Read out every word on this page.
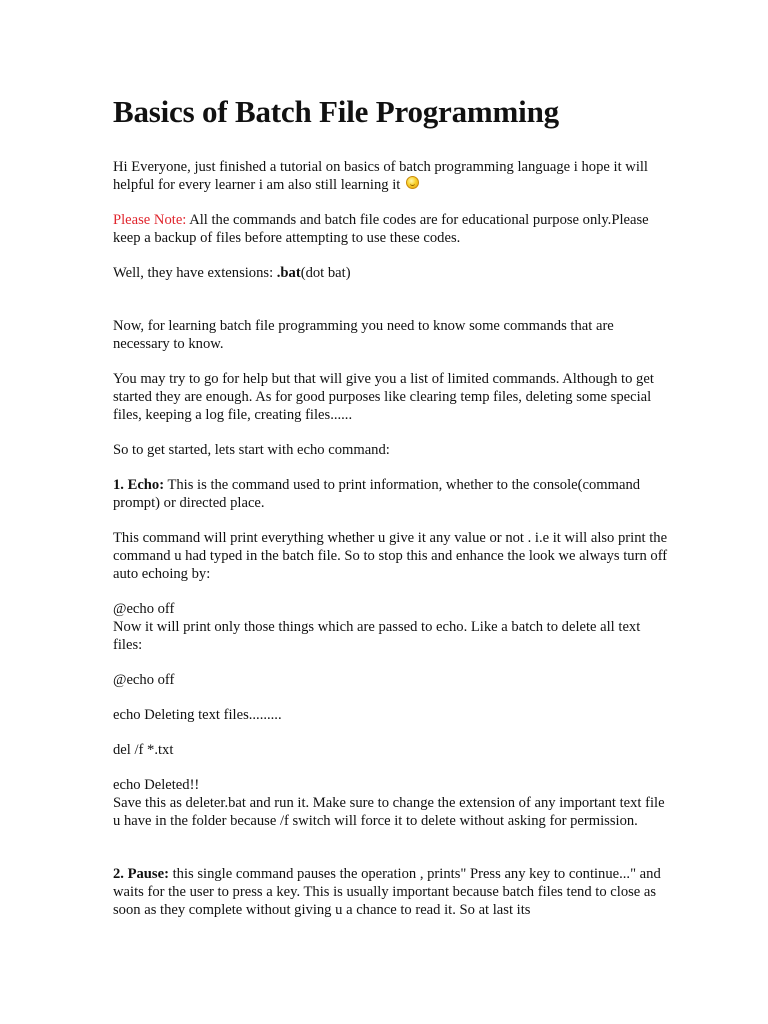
Basics of Batch File Programming

Hi Everyone, just finished a tutorial on basics of batch programming language i hope it will helpful for every learner i am also still learning it

Please Note: All the commands and batch file codes are for educational purpose only.Please keep a backup of files before attempting to use these codes.

Well, they have extensions: .bat(dot bat)

Now, for learning batch file programming you need to know some commands that are necessary to know.

You may try to go for help but that will give you a list of limited commands. Although to get started they are enough. As for good purposes like clearing temp files, deleting some special files, keeping a log file, creating files......

So to get started, lets start with echo command:

1. Echo: This is the command used to print information, whether to the console(command prompt) or directed place.

This command will print everything whether u give it any value or not . i.e it will also print the command u had typed in the batch file. So to stop this and enhance the look we always turn off auto echoing by:

@echo off
Now it will print only those things which are passed to echo. Like a batch to delete all text files:

@echo off

echo Deleting text files.........

del /f *.txt

echo Deleted!!
Save this as deleter.bat and run it. Make sure to change the extension of any important text file u have in the folder because /f switch will force it to delete without asking for permission.

2. Pause: this single command pauses the operation , prints" Press any key to continue..." and waits for the user to press a key. This is usually important because batch files tend to close as soon as they complete without giving u a chance to read it. So at last its
